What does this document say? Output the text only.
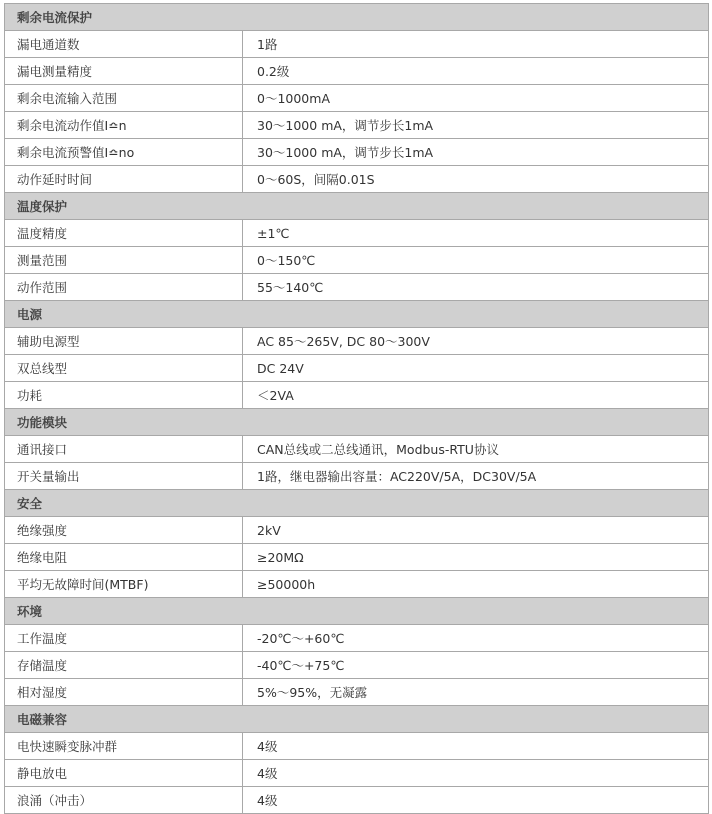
剩余电流保护	
漏电通道数	1路
漏电测量精度	0.2级
剩余电流输入范围	0～1000mA
剩余电流动作值I≏n	30～1000 mA，调节步长1mA
剩余电流预警值I≏no	30～1000 mA，调节步长1mA
动作延时时间	0～60S，间隔0.01S
温度保护	
温度精度	±1℃
测量范围	0～150℃
动作范围	55～140℃
电源	
辅助电源型	AC 85～265V, DC 80～300V
双总线型	DC 24V
功耗	＜2VA
功能模块	
通讯接口	CAN总线或二总线通讯，Modbus-RTU协议
开关量输出	1路，继电器输出容量：AC220V/5A，DC30V/5A
安全	
绝缘强度	2kV
绝缘电阻	≥20MΩ
平均无故障时间(MTBF)	≥50000h
环境	
工作温度	-20℃～+60℃
存储温度	-40℃～+75℃
相对湿度	5%～95%，无凝露
电磁兼容	
电快速瞬变脉冲群	4级
静电放电	4级
浪涌（冲击）	4级
